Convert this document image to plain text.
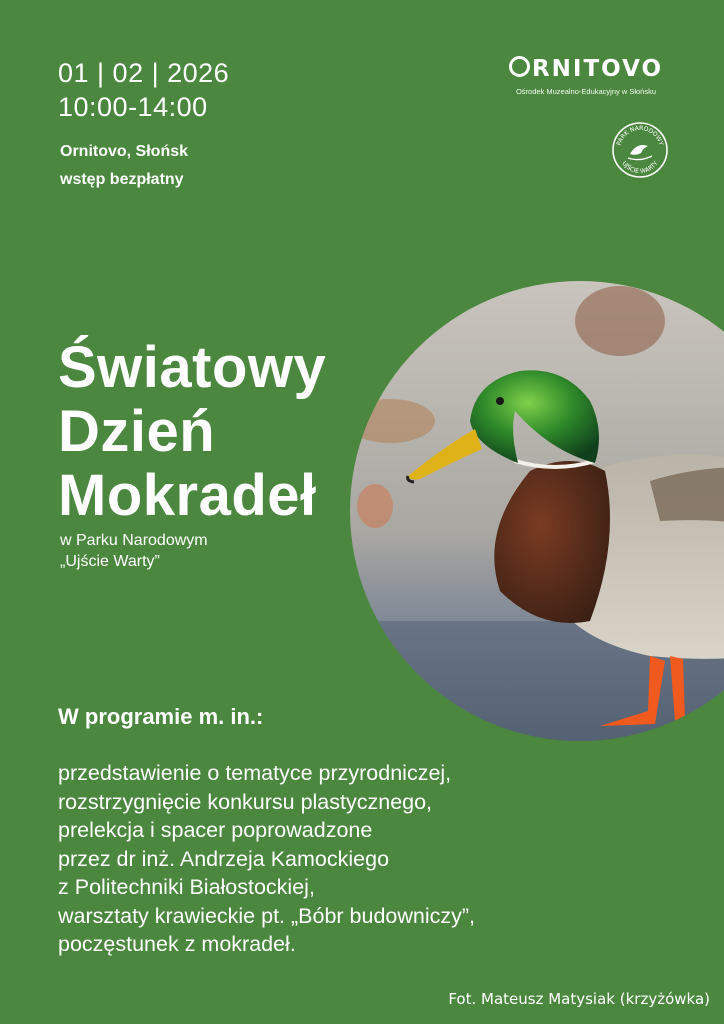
01 | 02 | 2026
10:00-14:00
Ornitovo, Słońsk
wstęp bezpłatny
RNITOVO
Ośrodek Muzealno-Edukacyjny w Słońsku
PARK NARODOWY
UJŚCIE WARTY
Światowy
Dzień
Mokradeł
w Parku Narodowym
„Ujście Warty”
W programie m. in.:
przedstawienie o tematyce przyrodniczej,
rozstrzygnięcie konkursu plastycznego,
prelekcja i spacer poprowadzone
przez dr inż. Andrzeja Kamockiego
z Politechniki Białostockiej,
warsztaty krawieckie pt. „Bóbr budowniczy”,
poczęstunek z mokradeł.
Fot. Mateusz Matysiak (krzyżówka)
